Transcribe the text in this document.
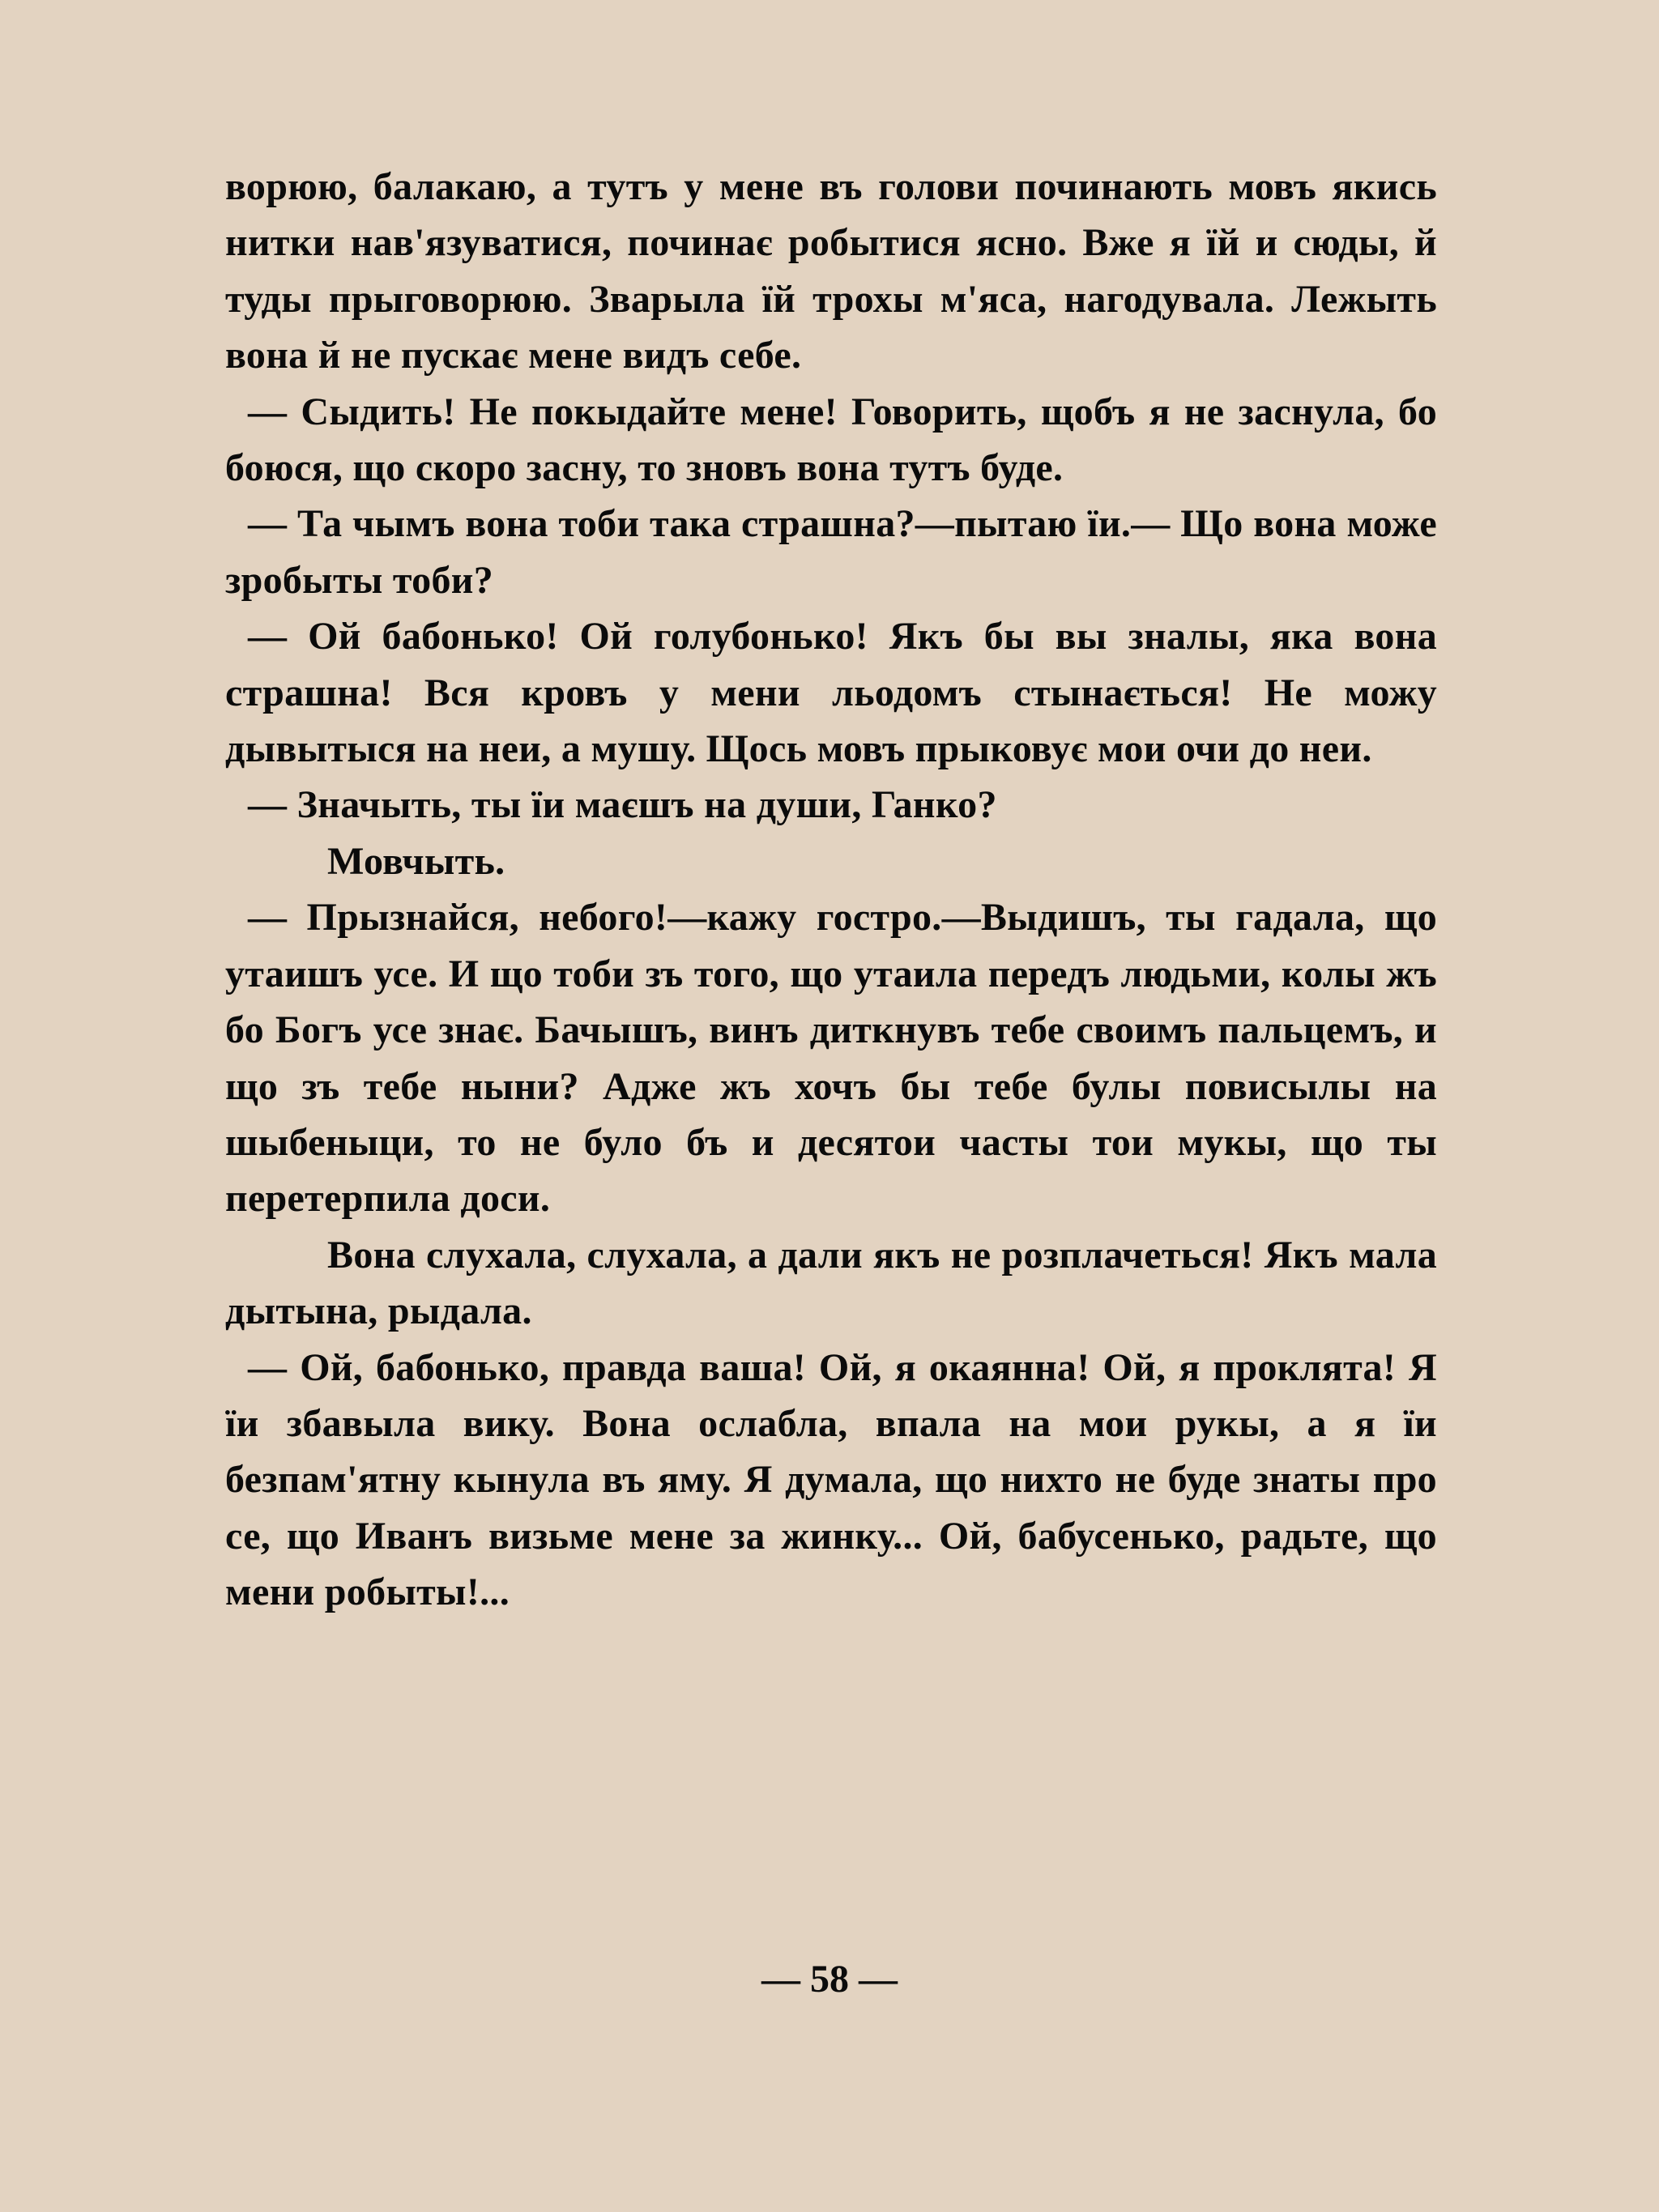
ворюю, балакаю, а тутъ у мене въ голови починають мовъ якись нитки нав'язуватися, починає робытися ясно. Вже я їй и сюды, й туды прыговорюю. Зварыла їй трохы м'яса, нагодувала. Лежыть вона й не пускає мене видъ себе.

— Сыдить! Не покыдайте мене! Говорить, щобъ я не заснула, бо боюся, що скоро засну, то зновъ вона тутъ буде.

— Та чымъ вона тоби така страшна?—пытаю їи.— Що вона може зробыты тоби?

— Ой бабонько! Ой голубонько! Якъ бы вы зналы, яка вона страшна! Вся кровъ у мени льодомъ стынається! Не можу дывытыся на неи, а мушу. Щось мовъ прыковує мои очи до неи.

— Значыть, ты їи маєшъ на души, Ганко?

Мовчыть.

— Прызнайся, небого!—кажу гостро.—Выдишъ, ты гадала, що утаишъ усе. И що тоби зъ того, що утаила передъ людьми, колы жъ бо Богъ усе знає. Бачышъ, винъ диткнувъ тебе своимъ пальцемъ, и що зъ тебе ныни? Адже жъ хочъ бы тебе булы повисылы на шыбеныци, то не було бъ и десятои часты тои мукы, що ты перетерпила доси.

Вона слухала, слухала, а дали якъ не розплачеться! Якъ мала дытына, рыдала.

— Ой, бабонько, правда ваша! Ой, я окаянна! Ой, я проклята! Я їи збавыла вику. Вона ослабла, впала на мои рукы, а я їи безпам'ятну кынула въ яму. Я думала, що нихто не буде знаты про се, що Иванъ визьме мене за жинку... Ой, бабусенько, радьте, що мени робыты!...

— 58 —
